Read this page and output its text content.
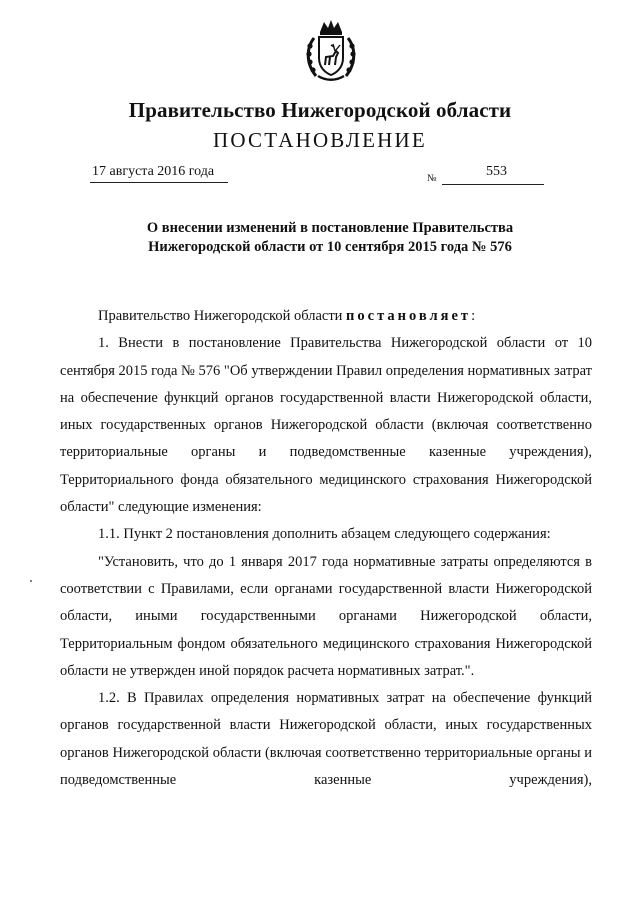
Правительство Нижегородской области
ПОСТАНОВЛЕНИЕ
17 августа 2016 года	№	553
О внесении изменений в постановление Правительства
Нижегородской области от 10 сентября 2015 года № 576

Правительство Нижегородской области постановляет:

1. Внести в постановление Правительства Нижегородской области от 10 сентября 2015 года № 576 "Об утверждении Правил определения нормативных затрат на обеспечение функций органов государственной власти Нижегородской области, иных государственных органов Нижегородской области (включая соответственно территориальные органы и подведомственные казенные учреждения), Территориального фонда обязательного медицинского страхования Нижегородской области" следующие изменения:

1.1. Пункт 2 постановления дополнить абзацем следующего содержания:

"Установить, что до 1 января 2017 года нормативные затраты определяются в соответствии с Правилами, если органами государственной власти Нижегородской области, иными государственными органами Нижегородской области, Территориальным фондом обязательного медицинского страхования Нижегородской области не утвержден иной порядок расчета нормативных затрат.".

1.2. В Правилах определения нормативных затрат на обеспечение функций органов государственной власти Нижегородской области, иных государственных органов Нижегородской области (включая соответственно территориальные органы и подведомственные казенные учреждения),
